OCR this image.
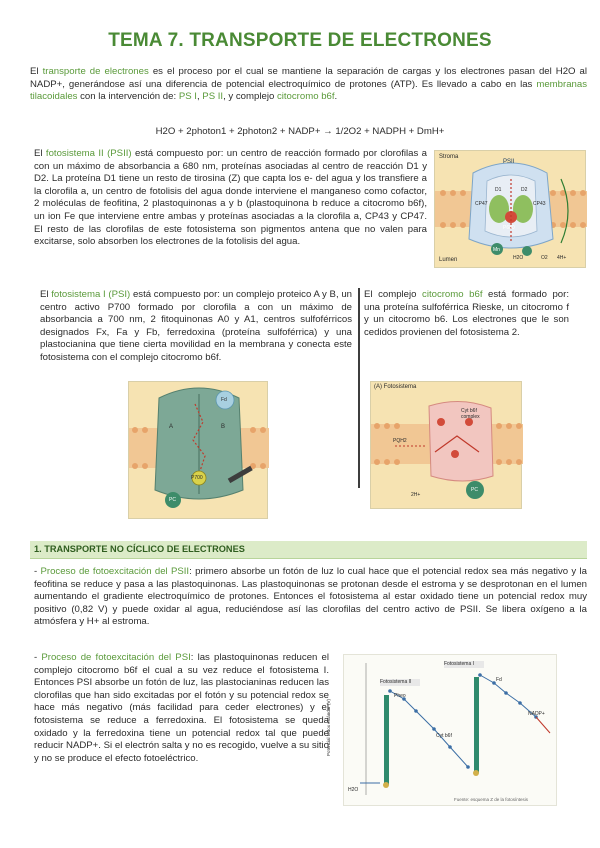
TEMA 7. TRANSPORTE DE ELECTRONES
El transporte de electrones es el proceso por el cual se mantiene la separación de cargas y los electrones pasan del H2O al NADP+, generándose así una diferencia de potencial electroquímico de protones (ATP). Es llevado a cabo en las membranas tilacoidales con la intervención de: PS I, PS II, y complejo citocromo b6f.
H2O + 2photon1 + 2photon2 + NADP+ → 1/2O2 + NADPH + DmH+
El fotosistema II (PSII) está compuesto por: un centro de reacción formado por clorofilas a con un máximo de absorbancia a 680 nm, proteínas asociadas al centro de reacción D1 y D2. La proteína D1 tiene un resto de tirosina (Z) que capta los e- del agua y los transfiere a la clorofila a, un centro de fotolisis del agua donde interviene el manganeso como cofactor, 2 moléculas de feofitina, 2 plastoquinonas a y b (plastoquinona b reduce a citocromo b6f), un ion Fe que interviene entre ambas y proteínas asociadas a la clorofila a, CP43 y CP47. El resto de las clorofilas de este fotosistema son pigmentos antena que no valen para excitarse, solo absorben los electrones de la fotolisis del agua.
Stroma
Lumen
PSII
CP47	CP43
D1	D2
P680
Mn
H2O	O2 4H+
El fotosistema I (PSI) está compuesto por: un complejo proteico A y B, un centro activo P700 formado por clorofila a con un máximo de absorbancia a 700 nm, 2 fitoquinonas A0 y A1, centros sulfoférricos designados Fx, Fa y Fb, ferredoxina (proteína sulfoférrica) y una plastocianina que tiene cierta movilidad en la membrana y conecta este fotosistema con el complejo citocromo b6f.
El complejo citocromo b6f está formado por: una proteína sulfoférrica Rieske, un citocromo f y un citocromo b6. Los electrones que le son cedidos provienen del fotosistema 2.
A	B
P700
Fd
PC
(A) Fotosistema
Cyt b6f complex
PQH2
PC
2H+
1. TRANSPORTE NO CÍCLICO DE ELECTRONES
- Proceso de fotoexcitación del PSII: primero absorbe un fotón de luz lo cual hace que el potencial redox sea más negativo y la feofitina se reduce y pasa a las plastoquinonas. Las plastoquinonas se protonan desde el estroma y se desprotonan en el lumen aumentando el gradiente electroquímico de protones. Entonces el fotosistema al estar oxidado tiene un potencial redox muy positivo (0,82 V) y puede oxidar al agua, reduciéndose así las clorofilas del centro activo de PSII. Se libera oxígeno a la atmósfera y H+ al estroma.
- Proceso de fotoexcitación del PSI: las plastoquinonas reducen el complejo citocromo b6f el cual a su vez reduce el fotosistema I. Entonces PSI absorbe un fotón de luz, las plastocianinas reducen las clorofilas que han sido excitadas por el fotón y su potencial redox se hace más negativo (más facilidad para ceder electrones) y el fotosistema se reduce a ferredoxina. El fotosistema se queda oxidado y la ferredoxina tiene un potencial redox tal que puede reducir NADP+. Si el electrón salta y no es recogido, vuelve a su sitio y no se produce el efecto fotoeléctrico.
Fotosistema I
Fotosistema II
Pheo
Cyt b6f
Fd
NADP+
H2O
Potencial redox estándar (V)
Fuente: esquema Z de la fotosíntesis
